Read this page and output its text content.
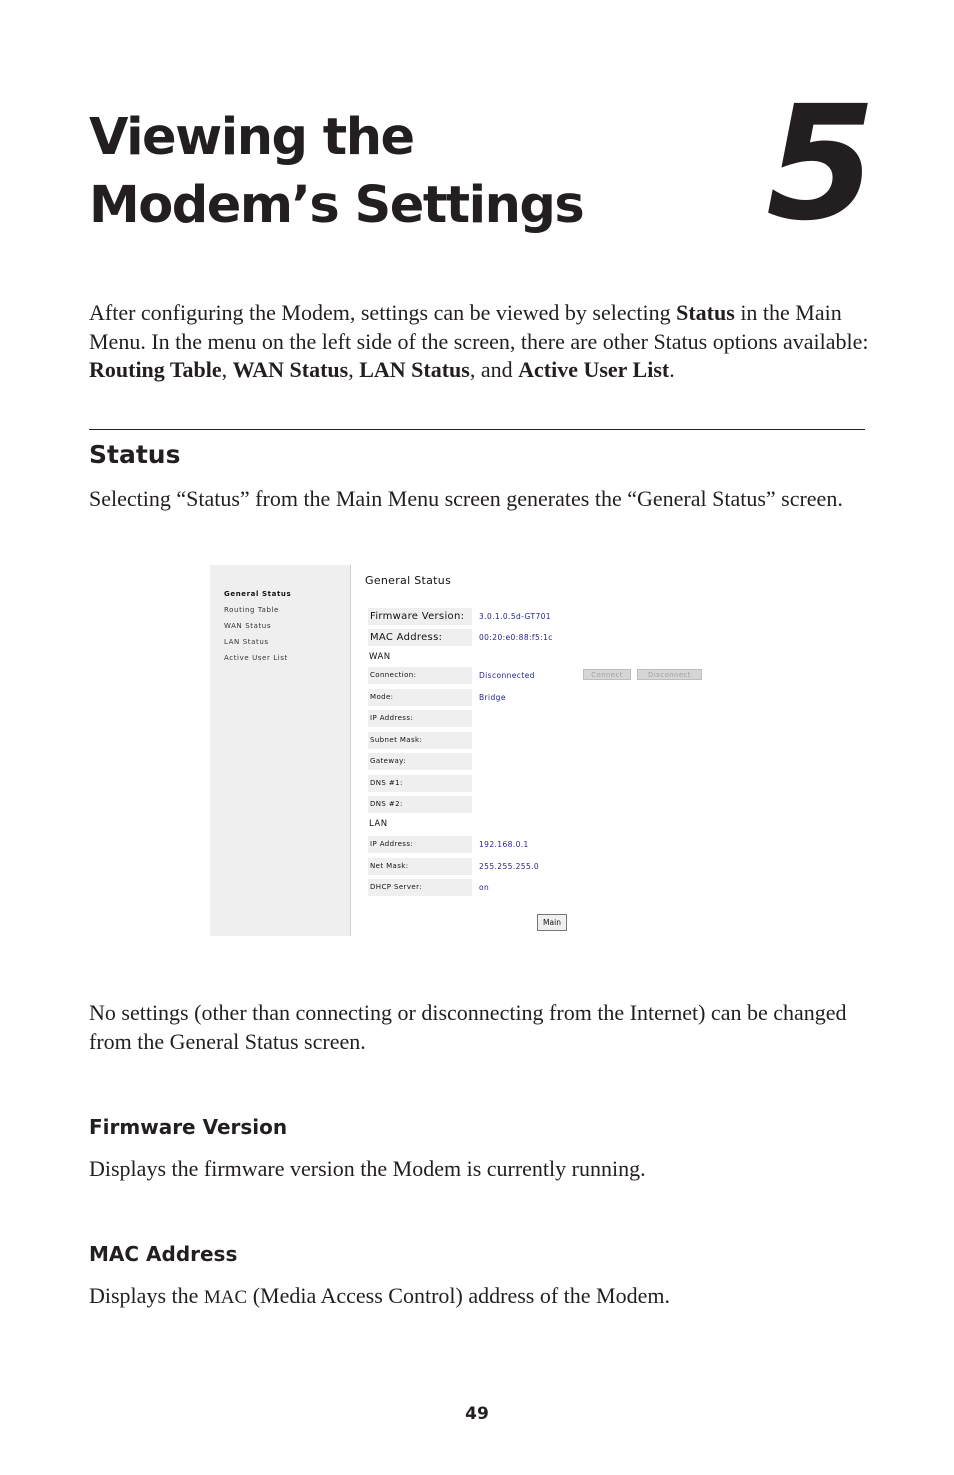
Viewing the
Modem’s Settings 5

After configuring the Modem, settings can be viewed by selecting Status in the Main Menu. In the menu on the left side of the screen, there are other Status options available: Routing Table, WAN Status, LAN Status, and Active User List.

Status

Selecting “Status” from the Main Menu screen generates the “General Status” screen.

General Status
Routing Table
WAN Status
LAN Status
Active User List
General Status
Firmware Version:	3.0.1.0.5d-GT701
MAC Address:	00:20:e0:88:f5:1c
WAN
Connection:	Disconnected	Connect	Disconnect
Mode:	Bridge
IP Address:
Subnet Mask:
Gateway:
DNS #1:
DNS #2:
LAN
IP Address:	192.168.0.1
Net Mask:	255.255.255.0
DHCP Server:	on
Main

No settings (other than connecting or disconnecting from the Internet) can be changed from the General Status screen.

Firmware Version

Displays the firmware version the Modem is currently running.

MAC Address

Displays the MAC (Media Access Control) address of the Modem.

49
